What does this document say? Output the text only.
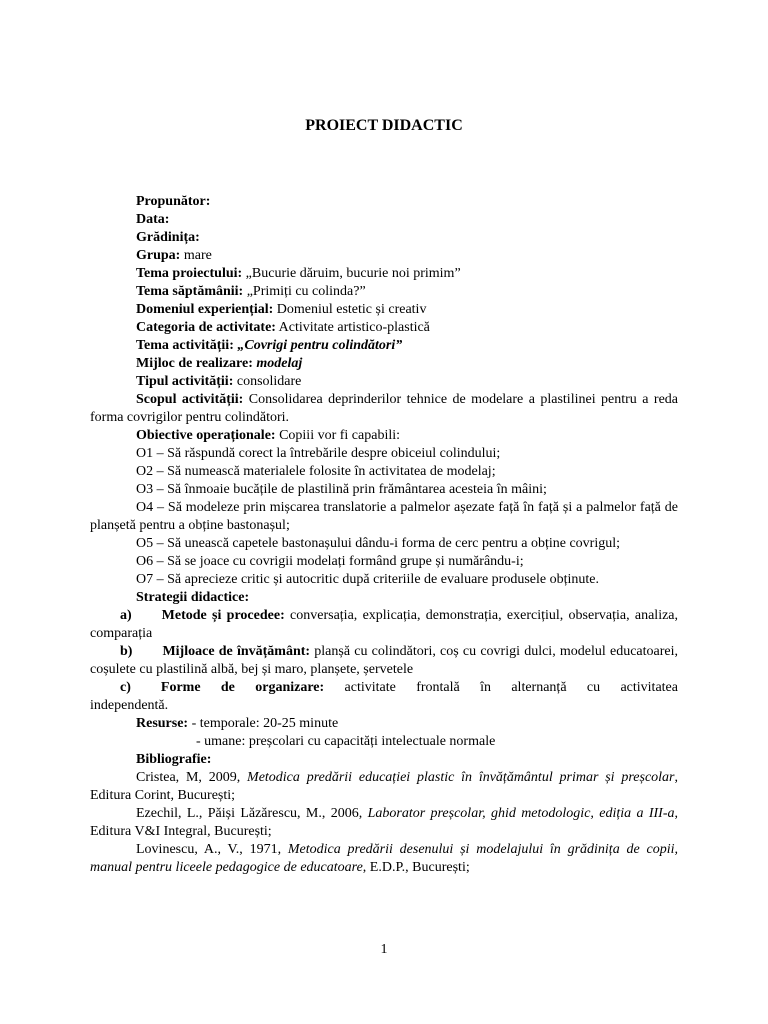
PROIECT DIDACTIC

Propunător:

Data:

Grădinița:

Grupa: mare

Tema proiectului: „Bucurie dăruim, bucurie noi primim”

Tema săptămânii: „Primiți cu colinda?”

Domeniul experiențial: Domeniul estetic și creativ

Categoria de activitate: Activitate artistico-plastică

Tema activității: „Covrigi pentru colindători”

Mijloc de realizare: modelaj

Tipul activității: consolidare

Scopul activității: Consolidarea deprinderilor tehnice de modelare a plastilinei pentru a reda forma covrigilor pentru colindători.

Obiective operaționale: Copiii vor fi capabili:

O1 – Să răspundă corect la întrebările despre obiceiul colindului;

O2 – Să numească materialele folosite în activitatea de modelaj;

O3 – Să înmoaie bucățile de plastilină prin frământarea acesteia în mâini;

O4 – Să modeleze prin mișcarea translatorie a palmelor așezate față în față și a palmelor față de planșetă pentru a obține bastonașul;

O5 – Să unească capetele bastonașului dându-i forma de cerc pentru a obține covrigul;

O6 – Să se joace cu covrigii modelați formând grupe și numărându-i;

O7 – Să aprecieze critic și autocritic după criteriile de evaluare produsele obținute.

Strategii didactice:

a) Metode și procedee: conversația, explicația, demonstrația, exercițiul, observația, analiza, comparația

b) Mijloace de învățământ: planșă cu colindători, coș cu covrigi dulci, modelul educatoarei, coșulete cu plastilină albă, bej și maro, planșete, șervetele

c) Forme de organizare: activitate frontală în alternanță cu activitatea independentă.

Resurse: - temporale: 20-25 minute

- umane: preșcolari cu capacități intelectuale normale

Bibliografie:

Cristea, M, 2009, Metodica predării educației plastic în învățământul primar și preșcolar, Editura Corint, București;

Ezechil, L., Păiși Lăzărescu, M., 2006, Laborator preșcolar, ghid metodologic, ediția a III-a, Editura V&I Integral, București;

Lovinescu, A., V., 1971, Metodica predării desenului și modelajului în grădinița de copii, manual pentru liceele pedagogice de educatoare, E.D.P., București;

1
